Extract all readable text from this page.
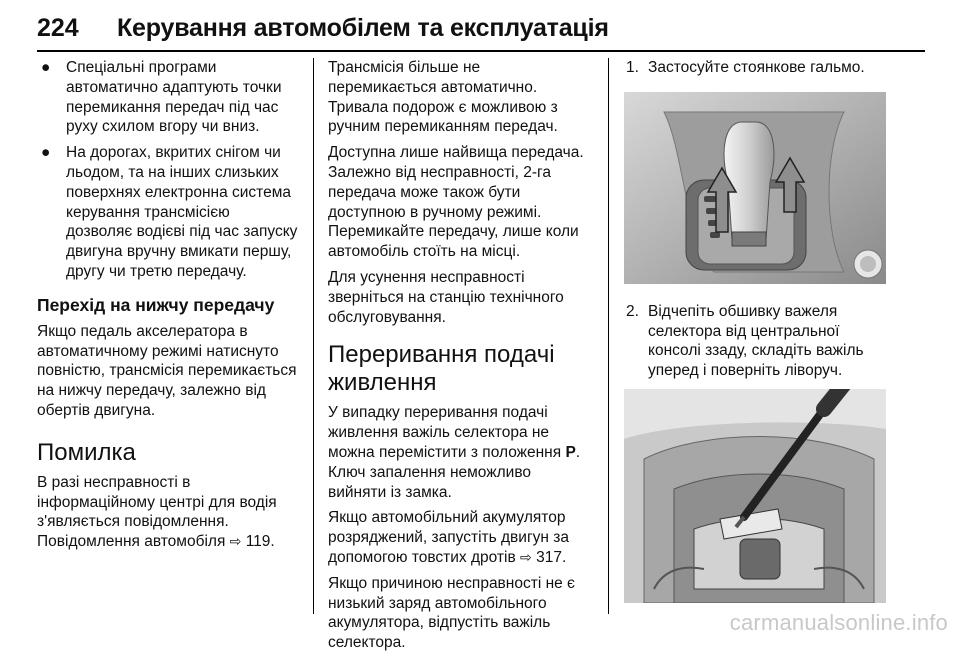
224 Керування автомобілем та експлуатація
● Спеціальні програми автоматично адаптують точки перемикання передач під час руху схилом вгору чи вниз.
● На дорогах, вкритих снігом чи льодом, та на інших слизьких поверхнях електронна система керування трансмісією дозволяє водієві під час запуску двигуна вручну вмикати першу, другу чи третю передачу.
Перехід на нижчу передачу

Якщо педаль акселератора в автоматичному режимі натиснуто повністю, трансмісія перемикається на нижчу передачу, залежно від обертів двигуна.

Помилка

В разі несправності в інформаційному центрі для водія з'являється повідомлення. Повідомлення автомобіля ⇨ 119.

Трансмісія більше не перемикається автоматично. Тривала подорож є можливою з ручним перемиканням передач.

Доступна лише найвища передача. Залежно від несправності, 2-га передача може також бути доступною в ручному режимі. Перемикайте передачу, лише коли автомобіль стоїть на місці.

Для усунення несправності зверніться на станцію технічного обслуговування.

Переривання подачі живлення

У випадку переривання подачі живлення важіль селектора не можна перемістити з положення P. Ключ запалення неможливо вийняти із замка.

Якщо автомобільний акумулятор розряджений, запустіть двигун за допомогою товстих дротів ⇨ 317.

Якщо причиною несправності не є низький заряд автомобільного акумулятора, відпустіть важіль селектора.

1. Застосуйте стоянкове гальмо.
2. Відчепіть обшивку важеля селектора від центральної консолі ззаду, складіть важіль уперед і поверніть ліворуч.
carmanualsonline.info
